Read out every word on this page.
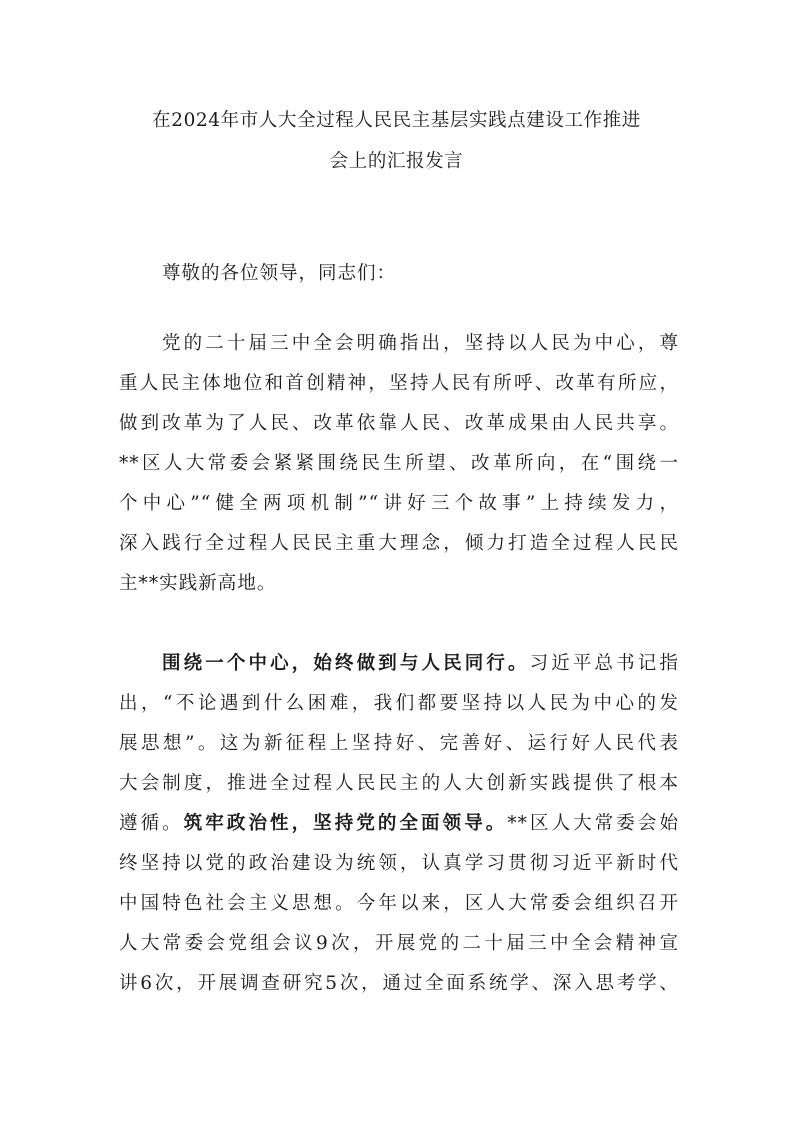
在2024年市人大全过程人民民主基层实践点建设工作推进
会上的汇报发言
尊敬的各位领导，同志们：
党的二十届三中全会明确指出，坚持以人民为中心，尊
重人民主体地位和首创精神，坚持人民有所呼、改革有所应，
做到改革为了人民、改革依靠人民、改革成果由人民共享。
**区人大常委会紧紧围绕民生所望、改革所向，在“围绕一
个中心”“健全两项机制”“讲好三个故事”上持续发力，
深入践行全过程人民民主重大理念，倾力打造全过程人民民
主**实践新高地。
围绕一个中心，始终做到与人民同行。习近平总书记指
出，“不论遇到什么困难，我们都要坚持以人民为中心的发
展思想”。这为新征程上坚持好、完善好、运行好人民代表
大会制度，推进全过程人民民主的人大创新实践提供了根本
遵循。筑牢政治性，坚持党的全面领导。**区人大常委会始
终坚持以党的政治建设为统领，认真学习贯彻习近平新时代
中国特色社会主义思想。今年以来，区人大常委会组织召开
人大常委会党组会议9次，开展党的二十届三中全会精神宣
讲6次，开展调查研究5次，通过全面系统学、深入思考学、
